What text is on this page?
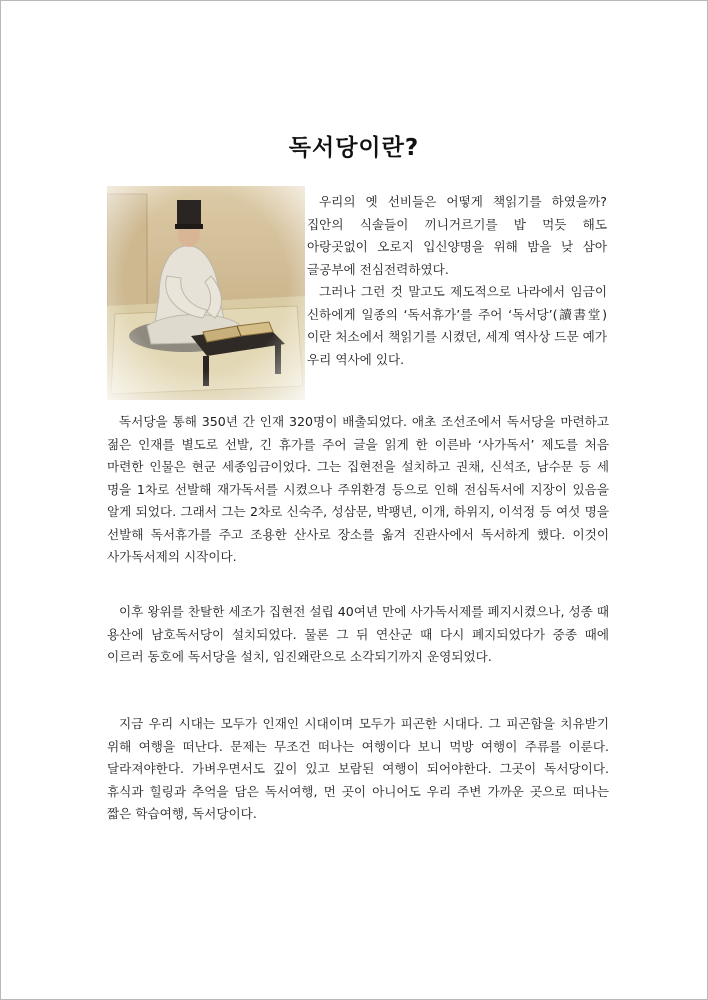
독서당이란?

우리의 옛 선비들은 어떻게 책읽기를 하였을까? 집안의 식솔들이 끼니거르기를 밥 먹듯 해도 아랑곳없이 오로지 입신양명을 위해 밤을 낮 삼아 글공부에 전심전력하였다.

그러나 그런 것 말고도 제도적으로 나라에서 임금이 신하에게 일종의 ‘독서휴가’를 주어 ‘독서당’(讀書堂)이란 처소에서 책읽기를 시켰던, 세계 역사상 드문 예가 우리 역사에 있다.

독서당을 통해 350년 간 인재 320명이 배출되었다. 애초 조선조에서 독서당을 마련하고 젊은 인재를 별도로 선발, 긴 휴가를 주어 글을 읽게 한 이른바 ‘사가독서’ 제도를 처음 마련한 인물은 현군 세종임금이었다. 그는 집현전을 설치하고 권채, 신석조, 남수문 등 세 명을 1차로 선발해 재가독서를 시켰으나 주위환경 등으로 인해 전심독서에 지장이 있음을 알게 되었다. 그래서 그는 2차로 신숙주, 성삼문, 박팽년, 이개, 하위지, 이석정 등 여섯 명을 선발해 독서휴가를 주고 조용한 산사로 장소를 옮겨 진관사에서 독서하게 했다. 이것이 사가독서제의 시작이다.

이후 왕위를 찬탈한 세조가 집현전 설립 40여년 만에 사가독서제를 폐지시켰으나, 성종 때 용산에 남호독서당이 설치되었다. 물론 그 뒤 연산군 때 다시 폐지되었다가 중종 때에 이르러 동호에 독서당을 설치, 임진왜란으로 소각되기까지 운영되었다.

지금 우리 시대는 모두가 인재인 시대이며 모두가 피곤한 시대다. 그 피곤함을 치유받기 위해 여행을 떠난다. 문제는 무조건 떠나는 여행이다 보니 먹방 여행이 주류를 이룬다. 달라져야한다. 가벼우면서도 깊이 있고 보람된 여행이 되어야한다. 그곳이 독서당이다. 휴식과 힐링과 추억을 담은 독서여행, 먼 곳이 아니어도 우리 주변 가까운 곳으로 떠나는 짧은 학습여행, 독서당이다.
